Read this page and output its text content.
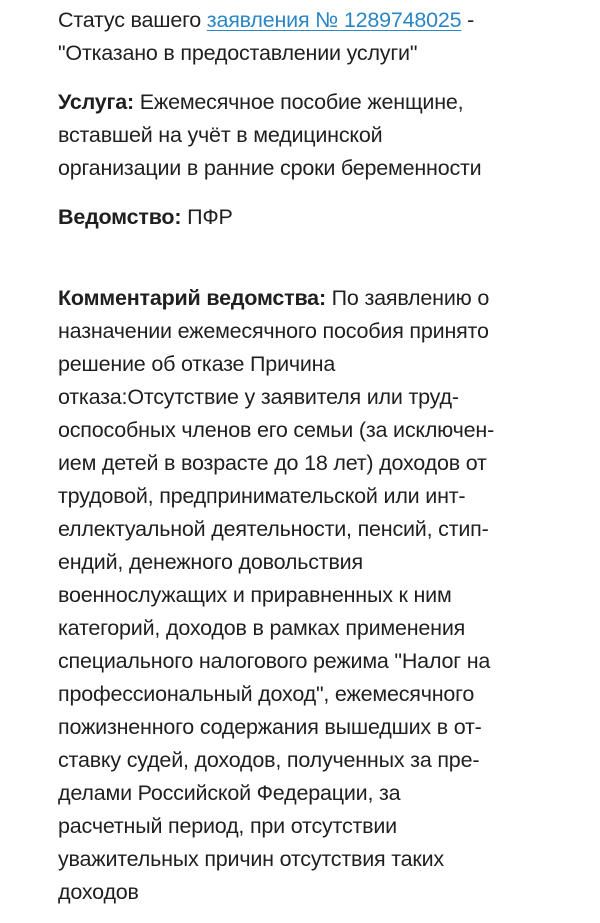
Статус вашего заявления № 1289748025 -
"Отказано в предоставлении услуги"

Услуга: Ежемесячное пособие женщине,
вставшей на учёт в медицинской
организации в ранние сроки беременности

Ведомство: ПФР

Комментарий ведомства: По заявлению о
назначении ежемесячного пособия принято
решение об отказе Причина
отказа:Отсутствие у заявителя или труд-
оспособных членов его семьи (за исключен-
ием детей в возрасте до 18 лет) доходов от
трудовой, предпринимательской или инт-
еллектуальной деятельности, пенсий, стип-
ендий, денежного довольствия
военнослужащих и приравненных к ним
категорий, доходов в рамках применения
специального налогового режима "Налог на
профессиональный доход", ежемесячного
пожизненного содержания вышедших в от-
ставку судей, доходов, полученных за пре-
делами Российской Федерации, за
расчетный период, при отсутствии
уважительных причин отсутствия таких
доходов
